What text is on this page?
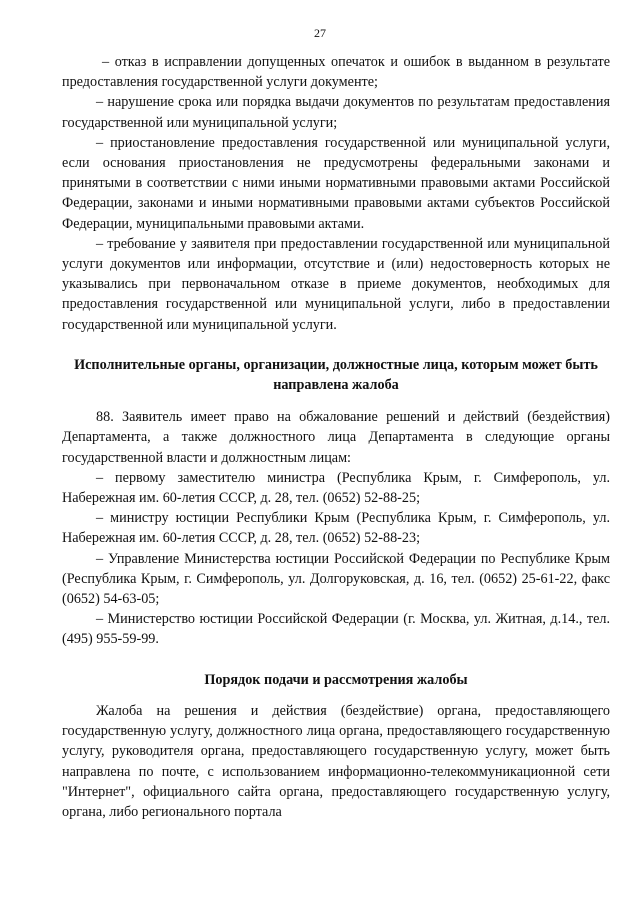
27

– отказ в исправлении допущенных опечаток и ошибок в выданном в результате предоставления государственной услуги документе;

– нарушение срока или порядка выдачи документов по результатам предоставления государственной или муниципальной услуги;

– приостановление предоставления государственной или муниципальной услуги, если основания приостановления не предусмотрены федеральными законами и принятыми в соответствии с ними иными нормативными правовыми актами Российской Федерации, законами и иными нормативными правовыми актами субъектов Российской Федерации, муниципальными правовыми актами.

– требование у заявителя при предоставлении государственной или муниципальной услуги документов или информации, отсутствие и (или) недостоверность которых не указывались при первоначальном отказе в приеме документов, необходимых для предоставления государственной или муниципальной услуги, либо в предоставлении государственной или муниципальной услуги.

Исполнительные органы, организации, должностные лица, которым может быть направлена жалоба

88. Заявитель имеет право на обжалование решений и действий (бездействия) Департамента, а также должностного лица Департамента в следующие органы государственной власти и должностным лицам:

– первому заместителю министра (Республика Крым, г. Симферополь, ул. Набережная им. 60-летия СССР, д. 28, тел. (0652) 52-88-25;

– министру юстиции Республики Крым (Республика Крым, г. Симферополь, ул. Набережная им. 60-летия СССР, д. 28, тел. (0652) 52-88-23;

– Управление Министерства юстиции Российской Федерации по Республике Крым (Республика Крым, г. Симферополь, ул. Долгоруковская, д. 16, тел. (0652) 25-61-22, факс (0652) 54-63-05;

– Министерство юстиции Российской Федерации (г. Москва, ул. Житная, д.14., тел. (495) 955-59-99.

Порядок подачи и рассмотрения жалобы

Жалоба на решения и действия (бездействие) органа, предоставляющего государственную услугу, должностного лица органа, предоставляющего государственную услугу, руководителя органа, предоставляющего государственную услугу, может быть направлена по почте, с использованием информационно-телекоммуникационной сети "Интернет", официального сайта органа, предоставляющего государственную услугу, органа, либо регионального портала
